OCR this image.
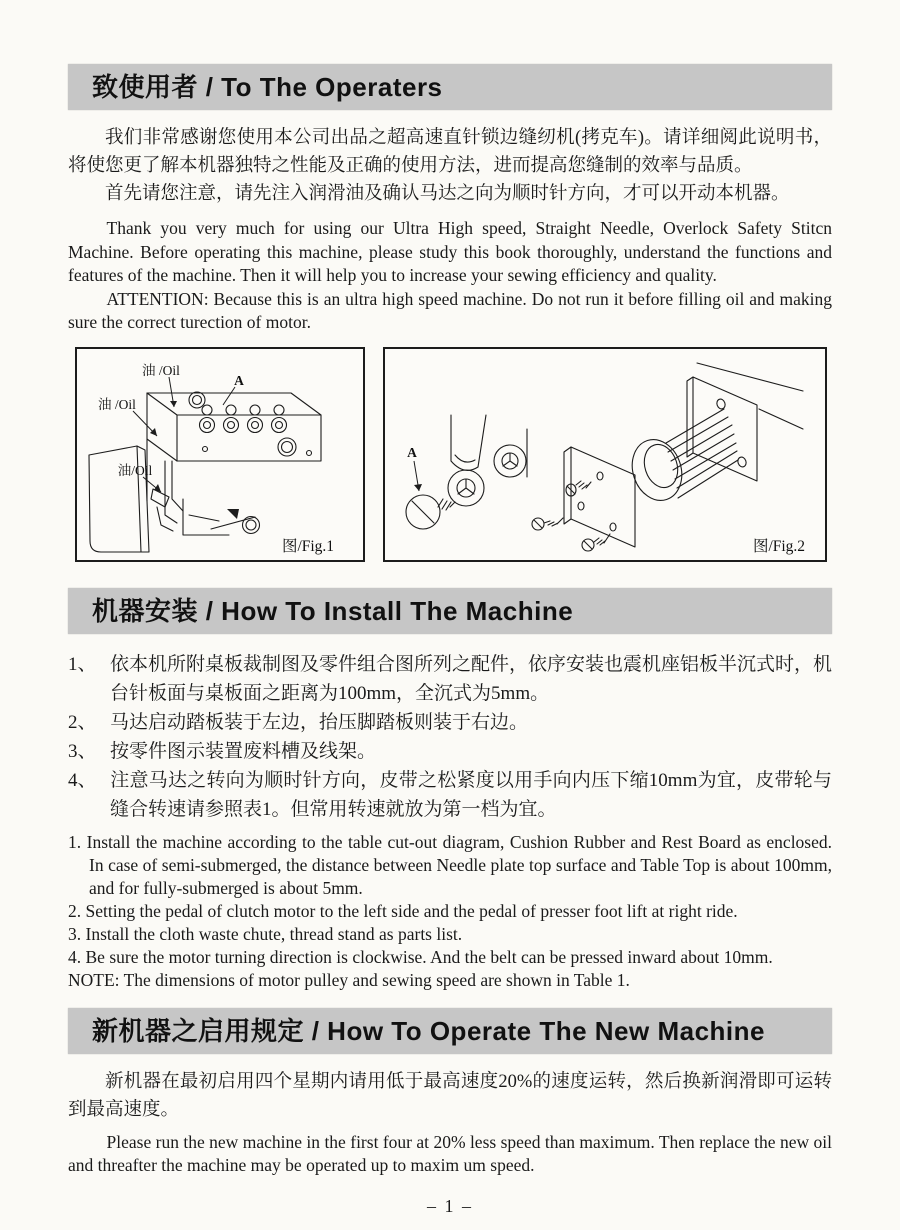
致使用者 / To The Operaters

我们非常感谢您使用本公司出品之超高速直针锁边缝纫机(拷克车)。请详细阅此说明书，将使您更了解本机器独特之性能及正确的使用方法，进而提高您缝制的效率与品质。

首先请您注意，请先注入润滑油及确认马达之向为顺时针方向，才可以开动本机器。

Thank you very much for using our Ultra High speed, Straight Needle, Overlock Safety Stitcn Machine. Before operating this machine, please study this book thoroughly, understand the functions and features of the machine. Then it will help you to increase your sewing efficiency and quality.

ATTENTION: Because this is an ultra high speed machine. Do not run it before filling oil and making sure the correct turection of motor.

油 /Oil
油 /Oil
油/Oil
A
图/Fig.1
A
图/Fig.2
机器安装 / How To Install The Machine

1、 依本机所附桌板裁制图及零件组合图所列之配件，依序安装也震机座铝板半沉式时，机台针板面与桌板面之距离为100mm，全沉式为5mm。

2、 马达启动踏板装于左边，抬压脚踏板则装于右边。

3、 按零件图示装置废料槽及线架。

4、 注意马达之转向为顺时针方向，皮带之松紧度以用手向内压下缩10mm为宜，皮带轮与缝合转速请参照表1。但常用转速就放为第一档为宜。

1. Install the machine according to the table cut-out diagram, Cushion Rubber and Rest Board as enclosed. In case of semi-submerged, the distance between Needle plate top surface and Table Top is about 100mm, and for fully-submerged is about 5mm.

2. Setting the pedal of clutch motor to the left side and the pedal of presser foot lift at right ride.

3. Install the cloth waste chute, thread stand as parts list.

4. Be sure the motor turning direction is clockwise. And the belt can be pressed inward about 10mm.

NOTE: The dimensions of motor pulley and sewing speed are shown in Table 1.

新机器之启用规定 / How To Operate The New Machine

新机器在最初启用四个星期内请用低于最高速度20%的速度运转，然后换新润滑即可运转到最高速度。

Please run the new machine in the first four at 20% less speed than maximum. Then replace the new oil and threafter the machine may be operated up to maxim um speed.

– 1 –
